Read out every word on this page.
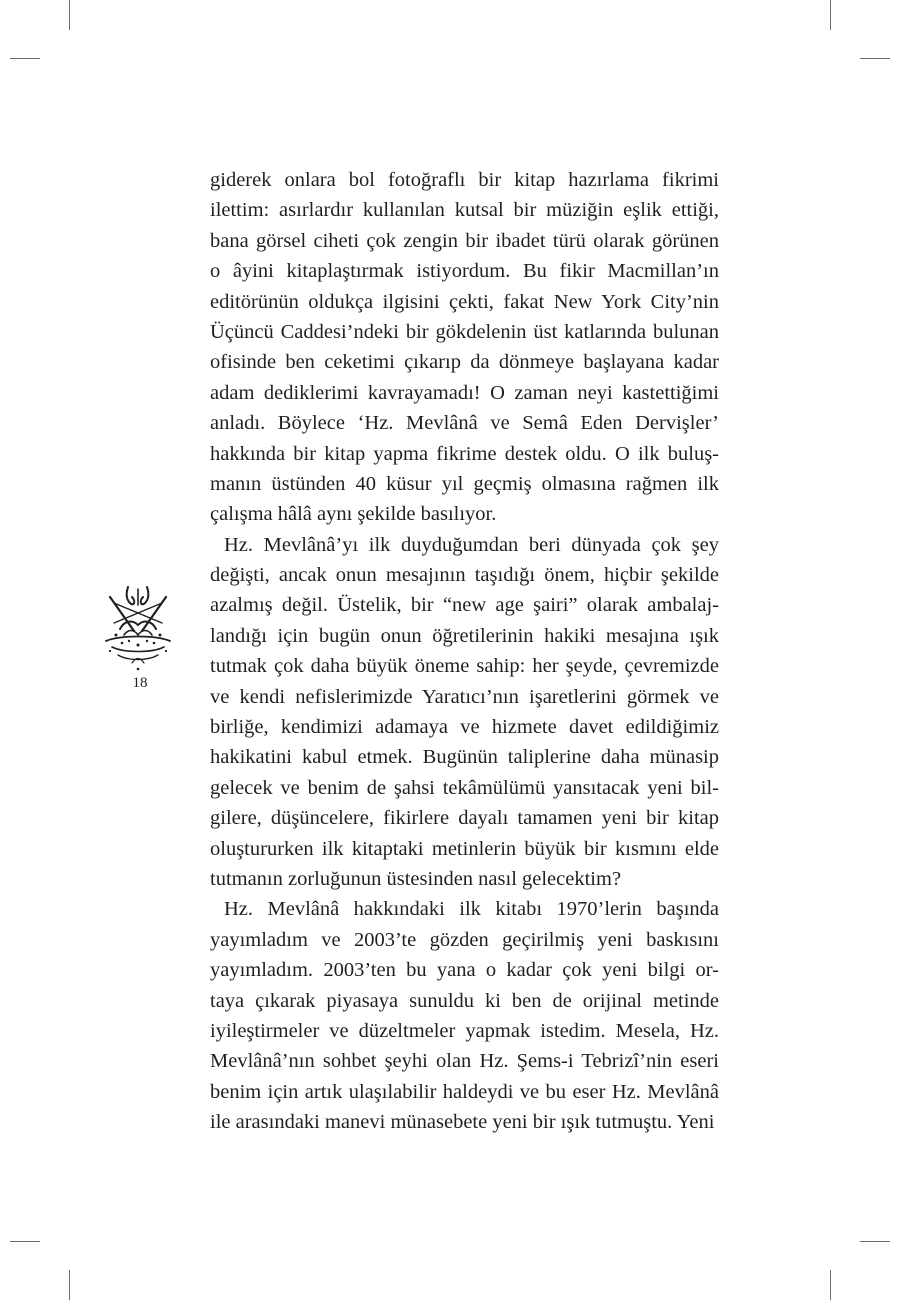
giderek onlara bol fotoğraflı bir kitap hazırlama fikrimi
ilettim: asırlardır kullanılan kutsal bir müziğin eşlik ettiği,
bana görsel ciheti çok zengin bir ibadet türü olarak görünen
o âyini kitaplaştırmak istiyordum. Bu fikir Macmillan’ın
editörünün oldukça ilgisini çekti, fakat New York City’nin
Üçüncü Caddesi’ndeki bir gökdelenin üst katlarında bulunan
ofisinde ben ceketimi çıkarıp da dönmeye başlayana kadar
adam dediklerimi kavrayamadı! O zaman neyi kastettiğimi
anladı. Böylece ‘Hz. Mevlânâ ve Semâ Eden Dervişler’
hakkında bir kitap yapma fikrime destek oldu. O ilk buluş-
manın üstünden 40 küsur yıl geçmiş olmasına rağmen ilk
çalışma hâlâ aynı şekilde basılıyor.
Hz. Mevlânâ’yı ilk duyduğumdan beri dünyada çok şey
değişti, ancak onun mesajının taşıdığı önem, hiçbir şekilde
azalmış değil. Üstelik, bir “new age şairi” olarak ambalaj-
landığı için bugün onun öğretilerinin hakiki mesajına ışık
tutmak çok daha büyük öneme sahip: her şeyde, çevremizde
ve kendi nefislerimizde Yaratıcı’nın işaretlerini görmek ve
birliğe, kendimizi adamaya ve hizmete davet edildiğimiz
hakikatini kabul etmek. Bugünün taliplerine daha münasip
gelecek ve benim de şahsi tekâmülümü yansıtacak yeni bil-
gilere, düşüncelere, fikirlere dayalı tamamen yeni bir kitap
oluştururken ilk kitaptaki metinlerin büyük bir kısmını elde
tutmanın zorluğunun üstesinden nasıl gelecektim?
Hz. Mevlânâ hakkındaki ilk kitabı 1970’lerin başında
yayımladım ve 2003’te gözden geçirilmiş yeni baskısını
yayımladım. 2003’ten bu yana o kadar çok yeni bilgi or-
taya çıkarak piyasaya sunuldu ki ben de orijinal metinde
iyileştirmeler ve düzeltmeler yapmak istedim. Mesela, Hz.
Mevlânâ’nın sohbet şeyhi olan Hz. Şems-i Tebrizî’nin eseri
benim için artık ulaşılabilir haldeydi ve bu eser Hz. Mevlânâ
ile arasındaki manevi münasebete yeni bir ışık tutmuştu. Yeni
18
